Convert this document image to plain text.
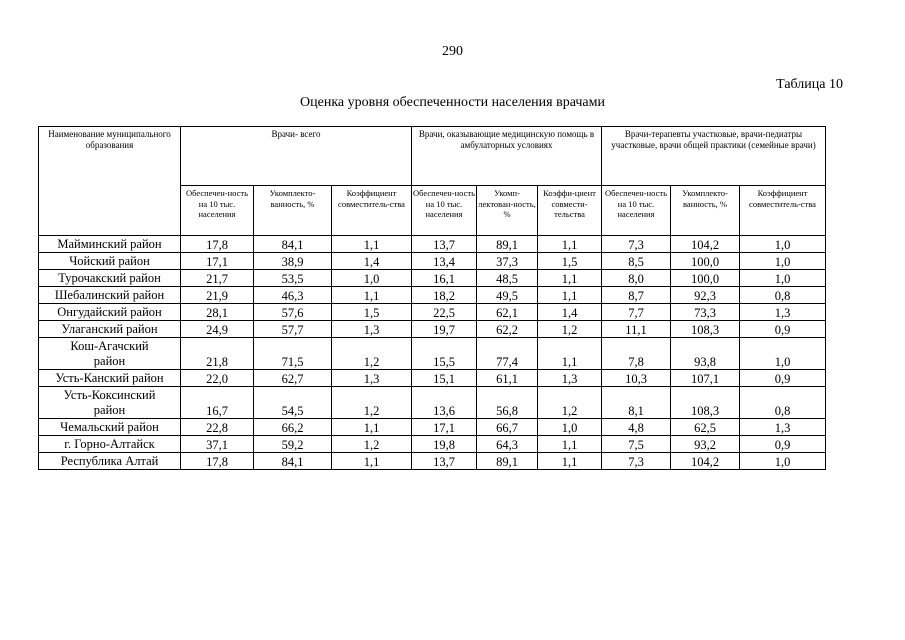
290
Таблица 10
Оценка уровня обеспеченности населения врачами
Наименование муниципального образования	Врачи- всего			Врачи, оказывающие медицинскую помощь в амбулаторных условиях			Врачи-терапевты участковые, врачи-педиатры участковые, врачи общей практики (семейные врачи)		
	Обеспечен-ность на 10 тыс. населения	Укомплекто-ванность, %	Коэффициент совместитель-ства	Обеспечен-ность на 10 тыс. населения	Укомп-лектован-ность, %	Коэффи-циент совмести-тельства	Обеспечен-ность на 10 тыс. населения	Укомплекто-ванность, %	Коэффициент совместитель-ства
Майминский район	17,8	84,1	1,1	13,7	89,1	1,1	7,3	104,2	1,0
Чойский район	17,1	38,9	1,4	13,4	37,3	1,5	8,5	100,0	1,0
Турочакский район	21,7	53,5	1,0	16,1	48,5	1,1	8,0	100,0	1,0
Шебалинский район	21,9	46,3	1,1	18,2	49,5	1,1	8,7	92,3	0,8
Онгудайский район	28,1	57,6	1,5	22,5	62,1	1,4	7,7	73,3	1,3
Улаганский район	24,9	57,7	1,3	19,7	62,2	1,2	11,1	108,3	0,9

Кош-Агачский
район	21,8	71,5	1,2	15,5	77,4	1,1	7,8	93,8	1,0
Усть-Канский район	22,0	62,7	1,3	15,1	61,1	1,3	10,3	107,1	0,9

Усть-Коксинский
район	16,7	54,5	1,2	13,6	56,8	1,2	8,1	108,3	0,8
Чемальский район	22,8	66,2	1,1	17,1	66,7	1,0	4,8	62,5	1,3
г. Горно-Алтайск	37,1	59,2	1,2	19,8	64,3	1,1	7,5	93,2	0,9
Республика Алтай	17,8	84,1	1,1	13,7	89,1	1,1	7,3	104,2	1,0
